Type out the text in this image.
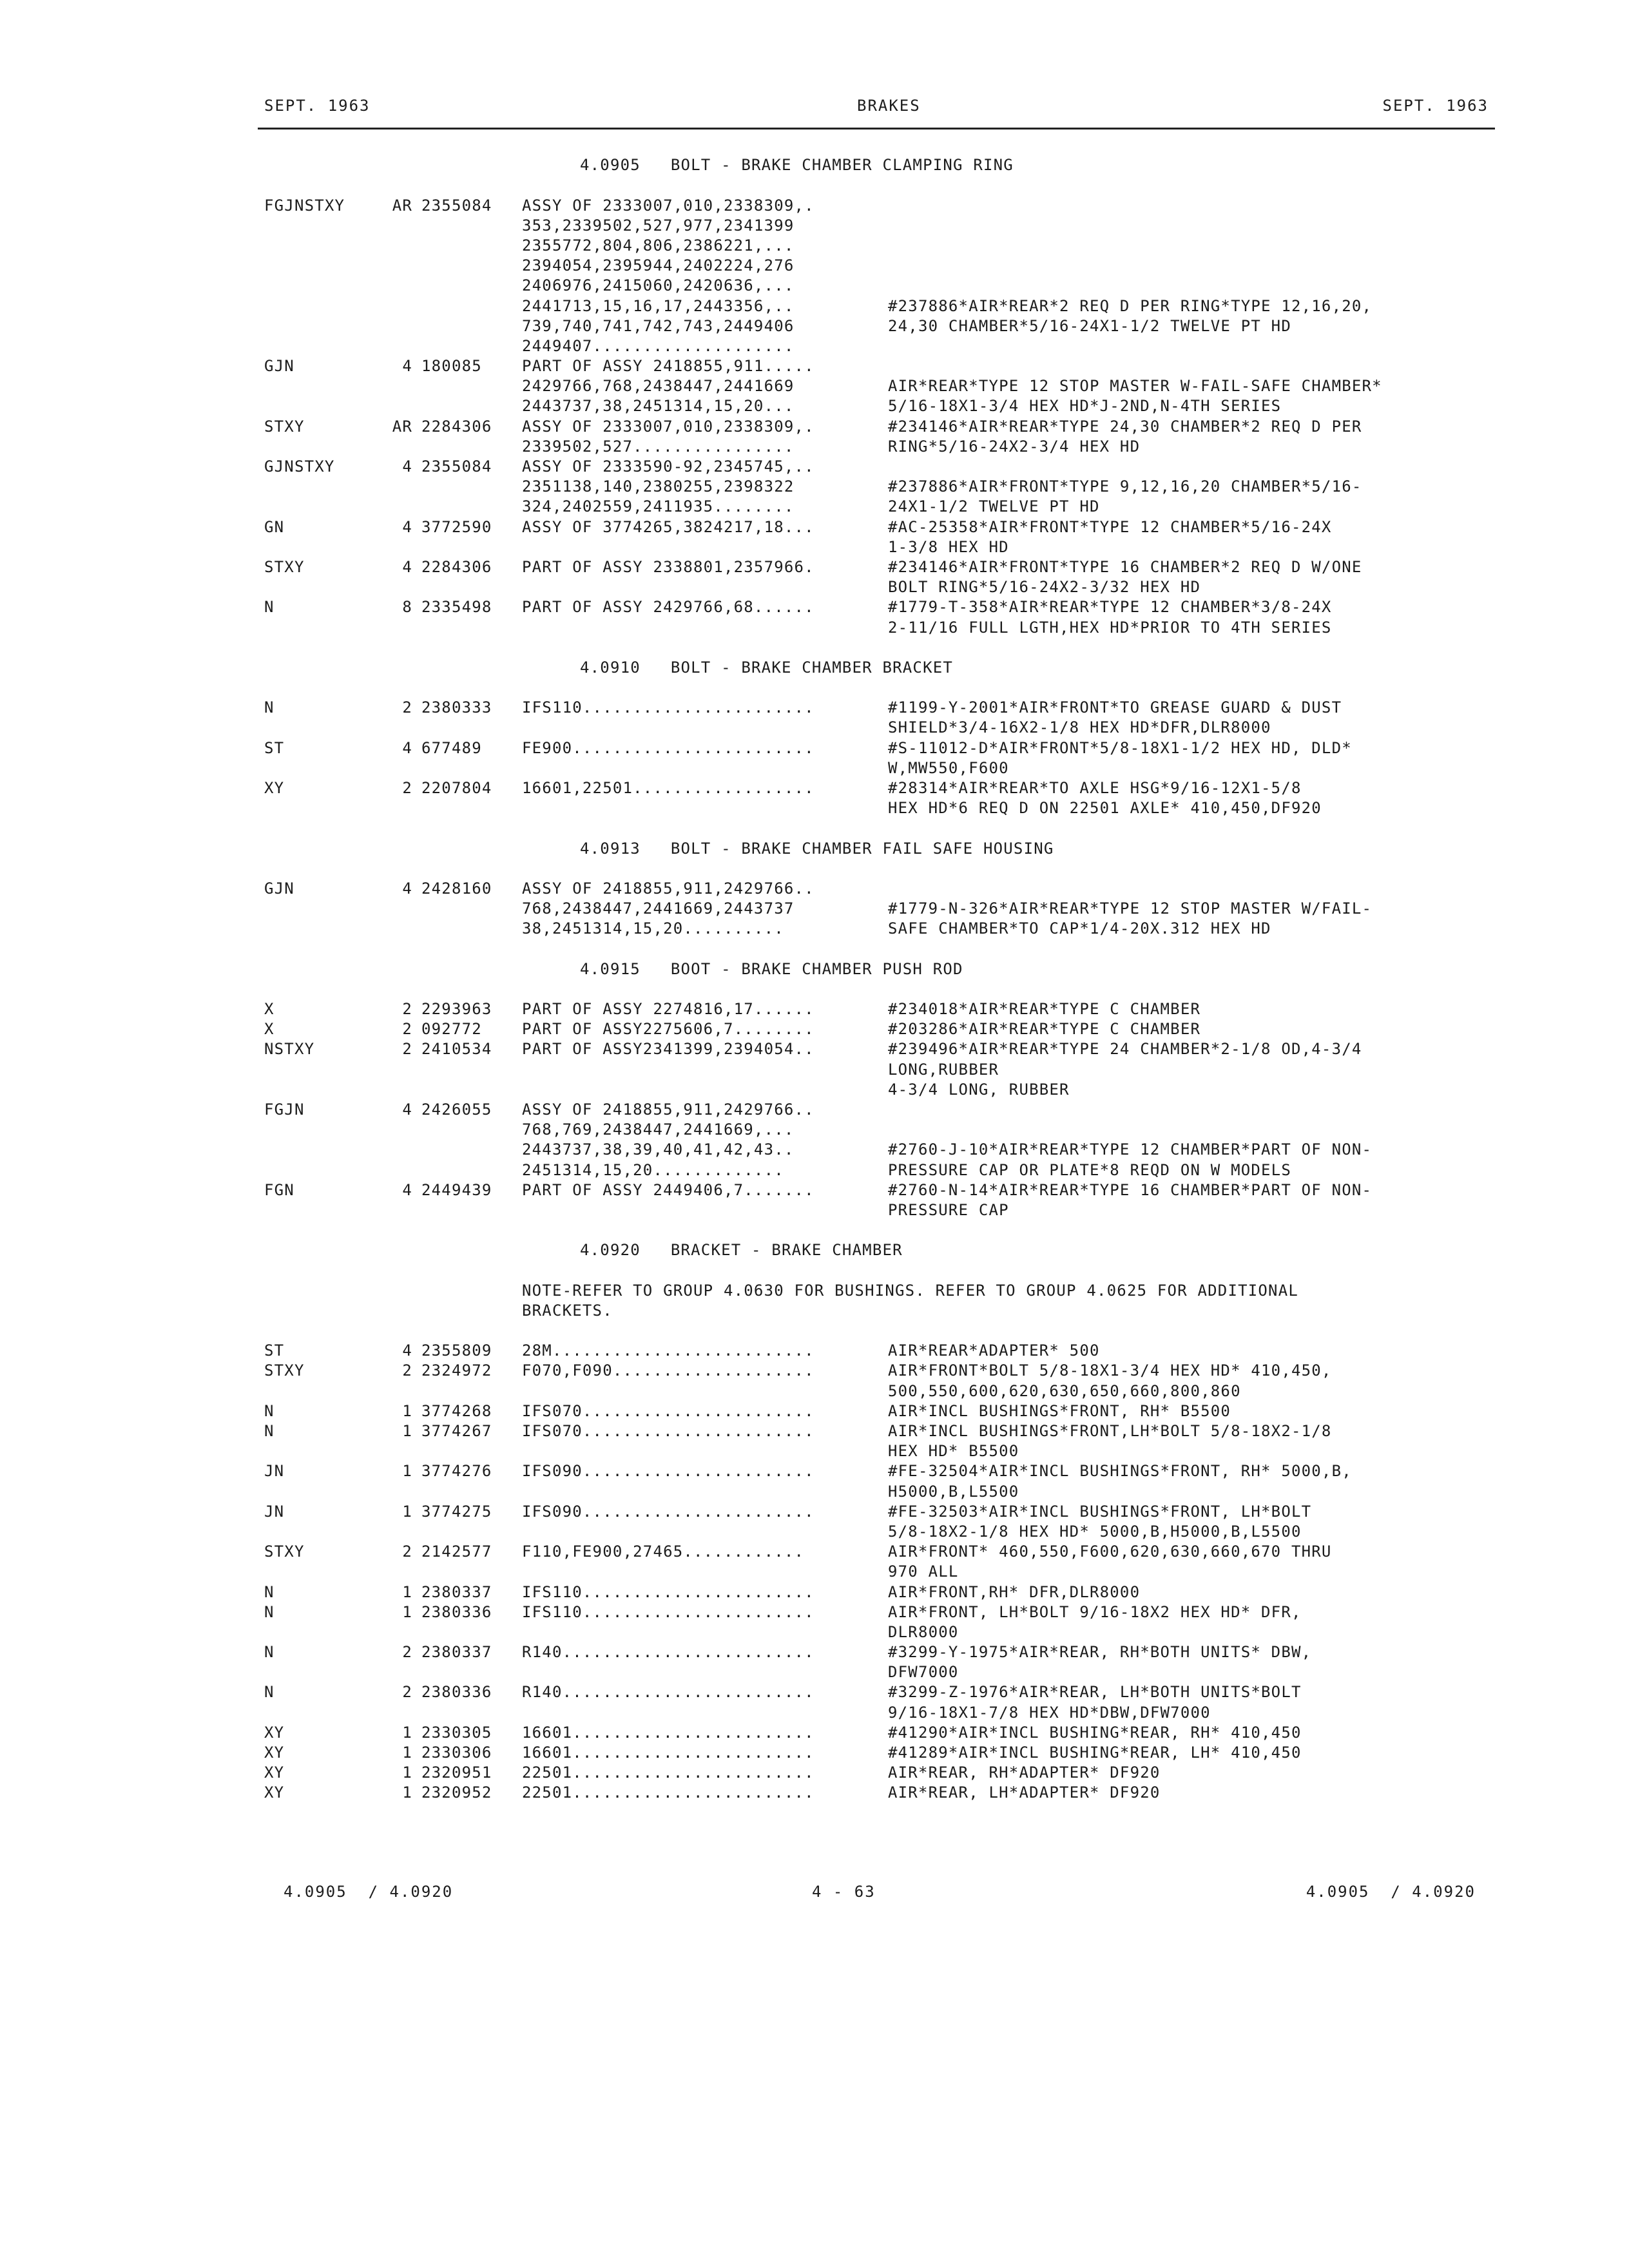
SEPT. 1963	BRAKES	SEPT. 1963
4.0905   BOLT - BRAKE CHAMBER CLAMPING RING
FGJNSTXY	AR 2355084 ASSY OF 2333007,010,2338309,.
353,2339502,527,977,2341399
2355772,804,806,2386221,...
2394054,2395944,2402224,276
2406976,2415060,2420636,...
2441713,15,16,17,2443356,..	#237886*AIR*REAR*2 REQ D PER RING*TYPE 12,16,20,
739,740,741,742,743,2449406	24,30 CHAMBER*5/16-24X1-1/2 TWELVE PT HD
2449407....................
GJN	4 180085	PART OF ASSY 2418855,911.....
2429766,768,2438447,2441669	AIR*REAR*TYPE 12 STOP MASTER W-FAIL-SAFE CHAMBER*
2443737,38,2451314,15,20...	5/16-18X1-3/4 HEX HD*J-2ND,N-4TH SERIES
STXY	AR 2284306 ASSY OF 2333007,010,2338309,.	#234146*AIR*REAR*TYPE 24,30 CHAMBER*2 REQ D PER
2339502,527................	RING*5/16-24X2-3/4 HEX HD
GJNSTXY	4 2355084 ASSY OF 2333590-92,2345745,..
2351138,140,2380255,2398322	#237886*AIR*FRONT*TYPE 9,12,16,20 CHAMBER*5/16-
324,2402559,2411935........	24X1-1/2 TWELVE PT HD
GN	4 3772590 ASSY OF 3774265,3824217,18...	#AC-25358*AIR*FRONT*TYPE 12 CHAMBER*5/16-24X
1-3/8 HEX HD
STXY	4 2284306 PART OF ASSY 2338801,2357966.	#234146*AIR*FRONT*TYPE 16 CHAMBER*2 REQ D W/ONE
BOLT RING*5/16-24X2-3/32 HEX HD
N	8 2335498 PART OF ASSY 2429766,68......	#1779-T-358*AIR*REAR*TYPE 12 CHAMBER*3/8-24X
2-11/16 FULL LGTH,HEX HD*PRIOR TO 4TH SERIES
4.0910   BOLT - BRAKE CHAMBER BRACKET
N	2 2380333 IFS110.......................	#1199-Y-2001*AIR*FRONT*TO GREASE GUARD & DUST
SHIELD*3/4-16X2-1/8 HEX HD*DFR,DLR8000
ST	4 677489	FE900........................	#S-11012-D*AIR*FRONT*5/8-18X1-1/2 HEX HD, DLD*
W,MW550,F600
XY	2 2207804 16601,22501..................	#28314*AIR*REAR*TO AXLE HSG*9/16-12X1-5/8
HEX HD*6 REQ D ON 22501 AXLE* 410,450,DF920
4.0913   BOLT - BRAKE CHAMBER FAIL SAFE HOUSING
GJN	4 2428160 ASSY OF 2418855,911,2429766..
768,2438447,2441669,2443737	#1779-N-326*AIR*REAR*TYPE 12 STOP MASTER W/FAIL-
38,2451314,15,20..........	SAFE CHAMBER*TO CAP*1/4-20X.312 HEX HD
4.0915   BOOT - BRAKE CHAMBER PUSH ROD
X	2 2293963 PART OF ASSY 2274816,17......	#234018*AIR*REAR*TYPE C CHAMBER
X	2 092772	PART OF ASSY2275606,7........	#203286*AIR*REAR*TYPE C CHAMBER
NSTXY	2 2410534 PART OF ASSY2341399,2394054..	#239496*AIR*REAR*TYPE 24 CHAMBER*2-1/8 OD,4-3/4
LONG,RUBBER
4-3/4 LONG, RUBBER
FGJN	4 2426055 ASSY OF 2418855,911,2429766..
768,769,2438447,2441669,...
2443737,38,39,40,41,42,43..	#2760-J-10*AIR*REAR*TYPE 12 CHAMBER*PART OF NON-
2451314,15,20.............	PRESSURE CAP OR PLATE*8 REQD ON W MODELS
FGN	4 2449439 PART OF ASSY 2449406,7.......	#2760-N-14*AIR*REAR*TYPE 16 CHAMBER*PART OF NON-
PRESSURE CAP
4.0920   BRACKET - BRAKE CHAMBER
NOTE-REFER TO GROUP 4.0630 FOR BUSHINGS. REFER TO GROUP 4.0625 FOR ADDITIONAL
BRACKETS.
ST	4 2355809 28M..........................	AIR*REAR*ADAPTER* 500
STXY	2 2324972 F070,F090....................	AIR*FRONT*BOLT 5/8-18X1-3/4 HEX HD* 410,450,
500,550,600,620,630,650,660,800,860
N	1 3774268 IFS070.......................	AIR*INCL BUSHINGS*FRONT, RH* B5500
N	1 3774267 IFS070.......................	AIR*INCL BUSHINGS*FRONT,LH*BOLT 5/8-18X2-1/8
HEX HD* B5500
JN	1 3774276 IFS090.......................	#FE-32504*AIR*INCL BUSHINGS*FRONT, RH* 5000,B,
H5000,B,L5500
JN	1 3774275 IFS090.......................	#FE-32503*AIR*INCL BUSHINGS*FRONT, LH*BOLT
5/8-18X2-1/8 HEX HD* 5000,B,H5000,B,L5500
STXY	2 2142577 F110,FE900,27465............	AIR*FRONT* 460,550,F600,620,630,660,670 THRU
970 ALL
N	1 2380337 IFS110.......................	AIR*FRONT,RH* DFR,DLR8000
N	1 2380336 IFS110.......................	AIR*FRONT, LH*BOLT 9/16-18X2 HEX HD* DFR,
DLR8000
N	2 2380337 R140.........................	#3299-Y-1975*AIR*REAR, RH*BOTH UNITS* DBW,
DFW7000
N	2 2380336 R140.........................	#3299-Z-1976*AIR*REAR, LH*BOTH UNITS*BOLT
9/16-18X1-7/8 HEX HD*DBW,DFW7000
XY	1 2330305 16601........................	#41290*AIR*INCL BUSHING*REAR, RH* 410,450
XY	1 2330306 16601........................	#41289*AIR*INCL BUSHING*REAR, LH* 410,450
XY	1 2320951 22501........................	AIR*REAR, RH*ADAPTER* DF920
XY	1 2320952 22501........................	AIR*REAR, LH*ADAPTER* DF920
4.0905  / 4.0920	4 - 63	4.0905  / 4.0920
